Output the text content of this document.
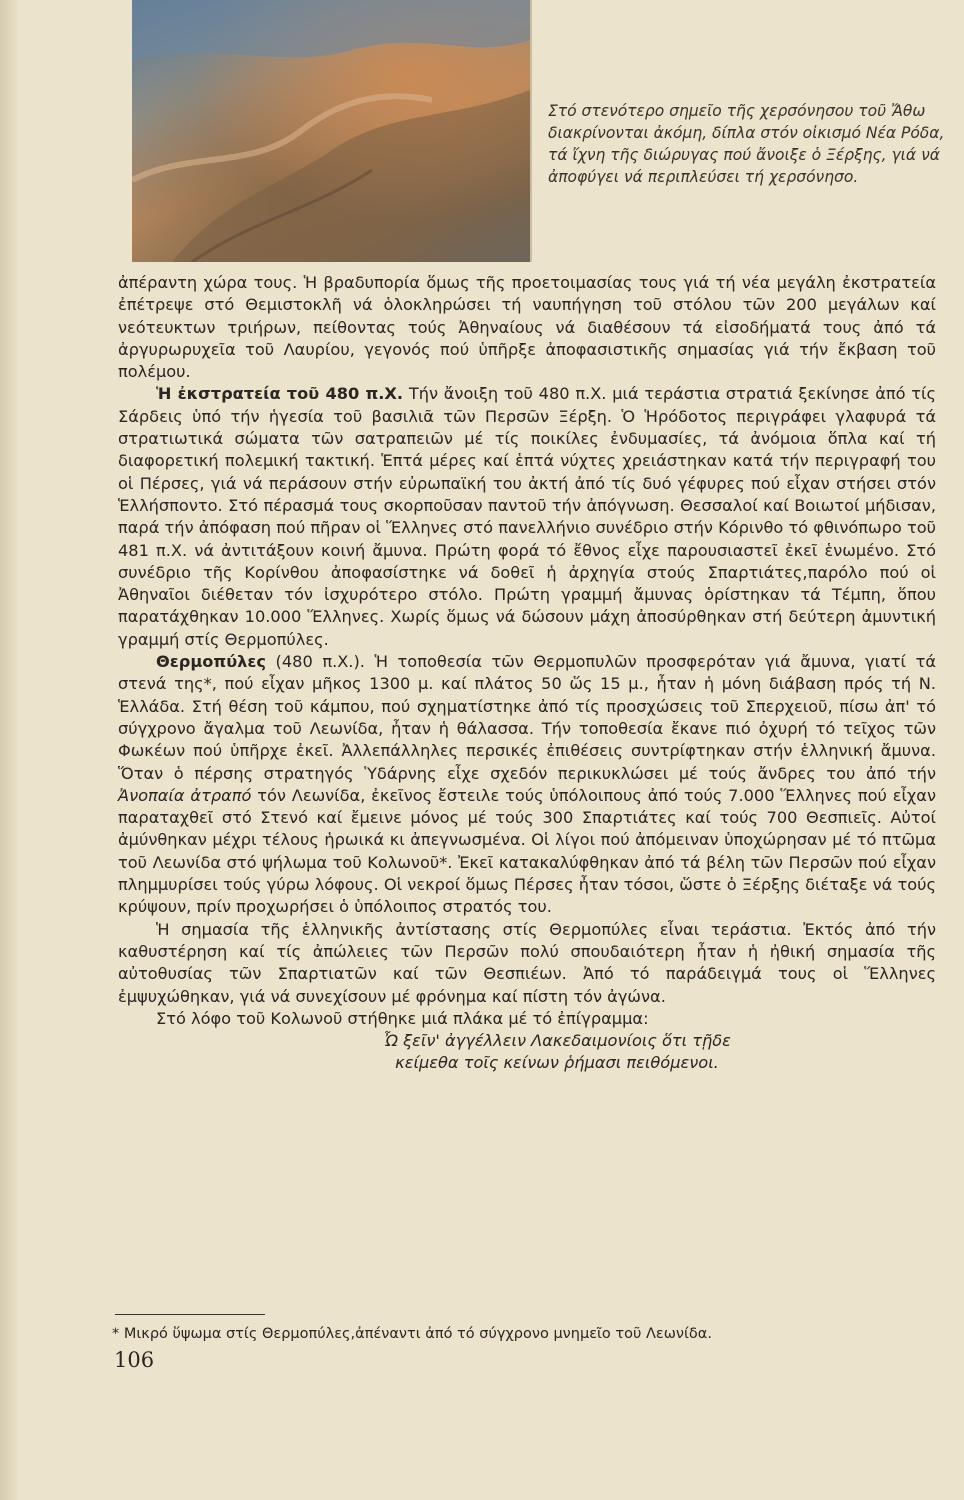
Στό στενότερο σημεῖο τῆς χερσόνησου τοῦ Ἄθω διακρίνονται ἀκόμη, δίπλα στόν οἰκισμό Νέα Ρόδα, τά ἴχνη τῆς διώρυγας πού ἄνοιξε ὁ Ξέρξης, γιά νά ἀποφύγει νά περιπλεύσει τή χερσόνησο.

ἀπέραντη χώρα τους. Ἡ βραδυπορία ὅμως τῆς προετοιμασίας τους γιά τή νέα μεγάλη ἐκστρατεία ἐπέτρεψε στό Θεμιστοκλῆ νά ὁλοκληρώσει τή ναυπήγηση τοῦ στόλου τῶν 200 μεγάλων καί νεότευκτων τριήρων, πείθοντας τούς Ἀθηναίους νά διαθέσουν τά εἰσοδήματά τους ἀπό τά ἀργυρωρυχεῖα τοῦ Λαυρίου, γεγονός πού ὑπῆρξε ἀποφασιστικῆς σημασίας γιά τήν ἔκβαση τοῦ πολέμου.

Ἡ ἐκστρατεία τοῦ 480 π.Χ. Τήν ἄνοιξη τοῦ 480 π.Χ. μιά τεράστια στρατιά ξεκίνησε ἀπό τίς Σάρδεις ὑπό τήν ἡγεσία τοῦ βασιλιᾶ τῶν Περσῶν Ξέρξη. Ὁ Ἡρόδοτος περιγράφει γλαφυρά τά στρατιωτικά σώματα τῶν σατραπειῶν μέ τίς ποικίλες ἐνδυμασίες, τά ἀνόμοια ὅπλα καί τή διαφορετική πολεμική τακτική. Ἑπτά μέρες καί ἑπτά νύχτες χρειάστηκαν κατά τήν περιγραφή του οἱ Πέρσες, γιά νά περάσουν στήν εὐρωπαϊκή του ἀκτή ἀπό τίς δυό γέφυρες πού εἶχαν στήσει στόν Ἑλλήσποντο. Στό πέρασμά τους σκορποῦσαν παντοῦ τήν ἀπόγνωση. Θεσσαλοί καί Βοιωτοί μήδισαν, παρά τήν ἀπόφαση πού πῆραν οἱ Ἕλληνες στό πανελλήνιο συνέδριο στήν Κόρινθο τό φθινόπωρο τοῦ 481 π.Χ. νά ἀντιτάξουν κοινή ἄμυνα. Πρώτη φορά τό ἔθνος εἶχε παρουσιαστεῖ ἐκεῖ ἑνωμένο. Στό συνέδριο τῆς Κορίνθου ἀποφασίστηκε νά δοθεῖ ἡ ἀρχηγία στούς Σπαρτιάτες,παρόλο πού οἱ Ἀθηναῖοι διέθεταν τόν ἰσχυρότερο στόλο. Πρώτη γραμμή ἄμυνας ὁρίστηκαν τά Τέμπη, ὅπου παρατάχθηκαν 10.000 Ἕλληνες. Χωρίς ὅμως νά δώσουν μάχη ἀποσύρθηκαν στή δεύτερη ἀμυντική γραμμή στίς Θερμοπύλες.

Θερμοπύλες (480 π.Χ.). Ἡ τοποθεσία τῶν Θερμοπυλῶν προσφερόταν γιά ἄμυνα, γιατί τά στενά της*, πού εἶχαν μῆκος 1300 μ. καί πλάτος 50 ὥς 15 μ., ἦταν ἡ μόνη διάβαση πρός τή Ν. Ἑλλάδα. Στή θέση τοῦ κάμπου, πού σχηματίστηκε ἀπό τίς προσχώσεις τοῦ Σπερχειοῦ, πίσω ἀπ' τό σύγχρονο ἄγαλμα τοῦ Λεωνίδα, ἦταν ἡ θάλασσα. Τήν τοποθεσία ἔκανε πιό ὀχυρή τό τεῖχος τῶν Φωκέων πού ὑπῆρχε ἐκεῖ. Ἀλλεπάλληλες περσικές ἐπιθέσεις συντρίφτηκαν στήν ἑλληνική ἄμυνα. Ὅταν ὁ πέρσης στρατηγός Ὑδάρνης εἶχε σχεδόν περικυκλώσει μέ τούς ἄνδρες του ἀπό τήν Ἀνοπαία ἀτραπό τόν Λεωνίδα, ἐκεῖνος ἔστειλε τούς ὑπόλοιπους ἀπό τούς 7.000 Ἕλληνες πού εἶχαν παραταχθεῖ στό Στενό καί ἔμεινε μόνος μέ τούς 300 Σπαρτιάτες καί τούς 700 Θεσπιεῖς. Αὐτοί ἀμύνθηκαν μέχρι τέλους ἡρωικά κι ἀπεγνωσμένα. Οἱ λίγοι πού ἀπόμειναν ὑποχώρησαν μέ τό πτῶμα τοῦ Λεωνίδα στό ψήλωμα τοῦ Κολωνοῦ*. Ἐκεῖ κατακαλύφθηκαν ἀπό τά βέλη τῶν Περσῶν πού εἶχαν πλημμυρίσει τούς γύρω λόφους. Οἱ νεκροί ὅμως Πέρσες ἦταν τόσοι, ὥστε ὁ Ξέρξης διέταξε νά τούς κρύψουν, πρίν προχωρήσει ὁ ὑπόλοιπος στρατός του.

Ἡ σημασία τῆς ἑλληνικῆς ἀντίστασης στίς Θερμοπύλες εἶναι τεράστια. Ἐκτός ἀπό τήν καθυστέρηση καί τίς ἀπώλειες τῶν Περσῶν πολύ σπουδαιότερη ἦταν ἡ ἠθική σημασία τῆς αὐτοθυσίας τῶν Σπαρτιατῶν καί τῶν Θεσπιέων. Ἀπό τό παράδειγμά τους οἱ Ἕλληνες ἐμψυχώθηκαν, γιά νά συνεχίσουν μέ φρόνημα καί πίστη τόν ἀγώνα.

Στό λόφο τοῦ Κολωνοῦ στήθηκε μιά πλάκα μέ τό ἐπίγραμμα:

Ὦ ξεῖν' ἀγγέλλειν Λακεδαιμονίοις ὅτι τῇδε

κείμεθα τοῖς κείνων ῥήμασι πειθόμενοι.

* Μικρό ὕψωμα στίς Θερμοπύλες,ἀπέναντι ἀπό τό σύγχρονο μνημεῖο τοῦ Λεωνίδα.
106
